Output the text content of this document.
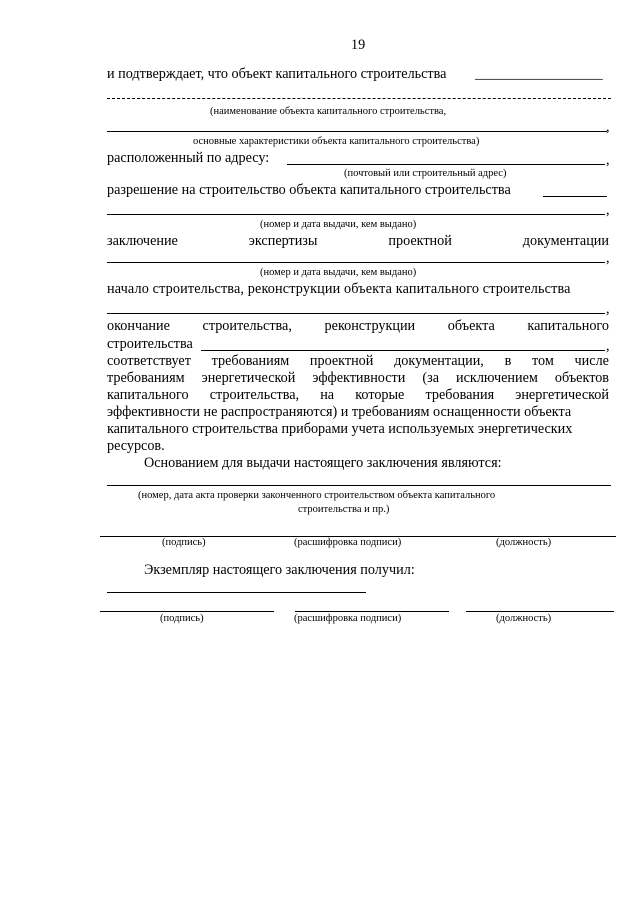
19
и подтверждает, что объект капитального строительства __________________
(наименование объекта капитального строительства,
,
основные характеристики объекта капитального строительства)
расположенный по адресу:	,
(почтовый или строительный адрес)
разрешение на строительство объекта капитального строительства
,
(номер и дата выдачи, кем выдано)
заключение	экспертизы	проектной	документации
,
(номер и дата выдачи, кем выдано)
начало строительства, реконструкции объекта капитального строительства
,
окончание строительства, реконструкции объекта капитального
строительства	,
соответствует требованиям проектной документации, в том числе
требованиям энергетической эффективности (за исключением объектов
капитального строительства, на которые требования энергетической
эффективности не распространяются) и требованиям оснащенности объекта
капитального строительства приборами учета используемых энергетических
ресурсов.
Основанием для выдачи настоящего заключения являются:
(номер, дата акта проверки законченного строительством объекта капитального
строительства и пр.)
(подпись)	(расшифровка подписи)	(должность)
Экземпляр настоящего заключения получил:
(подпись)	(расшифровка подписи)	(должность)
